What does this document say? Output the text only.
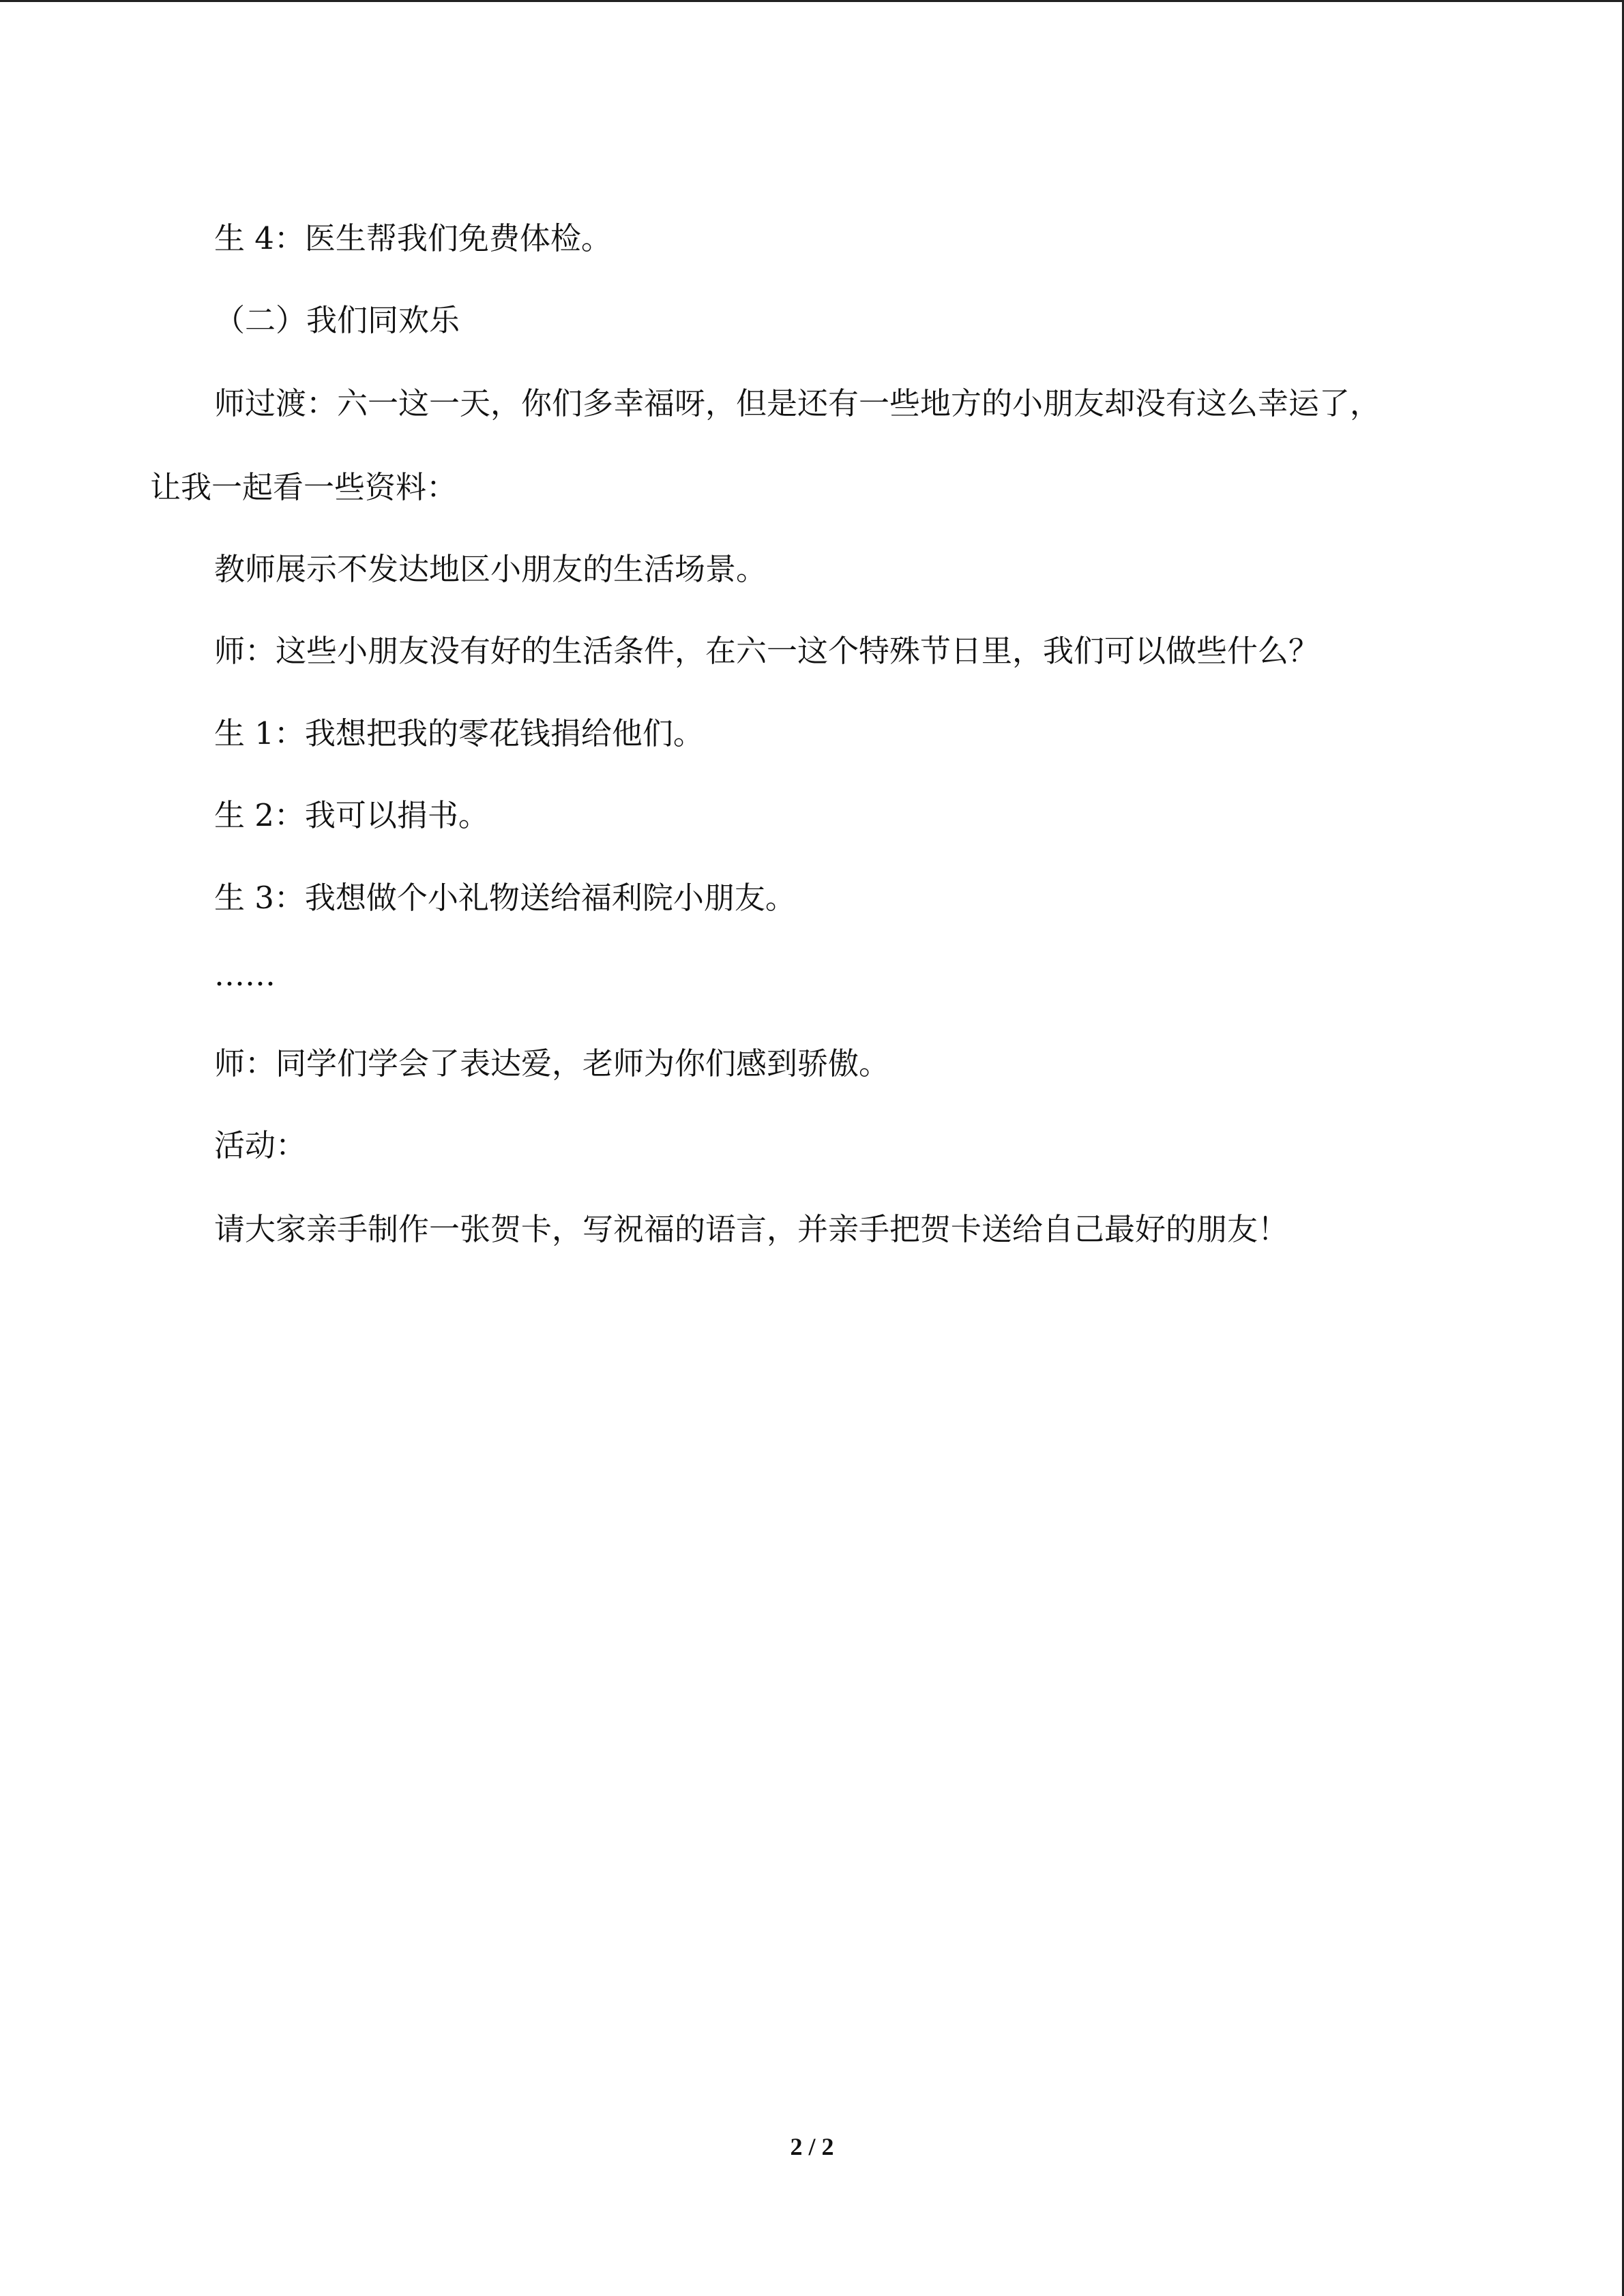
生 4：医生帮我们免费体检。
（二）我们同欢乐
师过渡：六一这一天，你们多幸福呀，但是还有一些地方的小朋友却没有这么幸运了，
让我一起看一些资料：
教师展示不发达地区小朋友的生活场景。
师：这些小朋友没有好的生活条件，在六一这个特殊节日里，我们可以做些什么？
生 1：我想把我的零花钱捐给他们。
生 2：我可以捐书。
生 3：我想做个小礼物送给福利院小朋友。
……
师：同学们学会了表达爱，老师为你们感到骄傲。
活动：
请大家亲手制作一张贺卡，写祝福的语言，并亲手把贺卡送给自己最好的朋友！
2 / 2
